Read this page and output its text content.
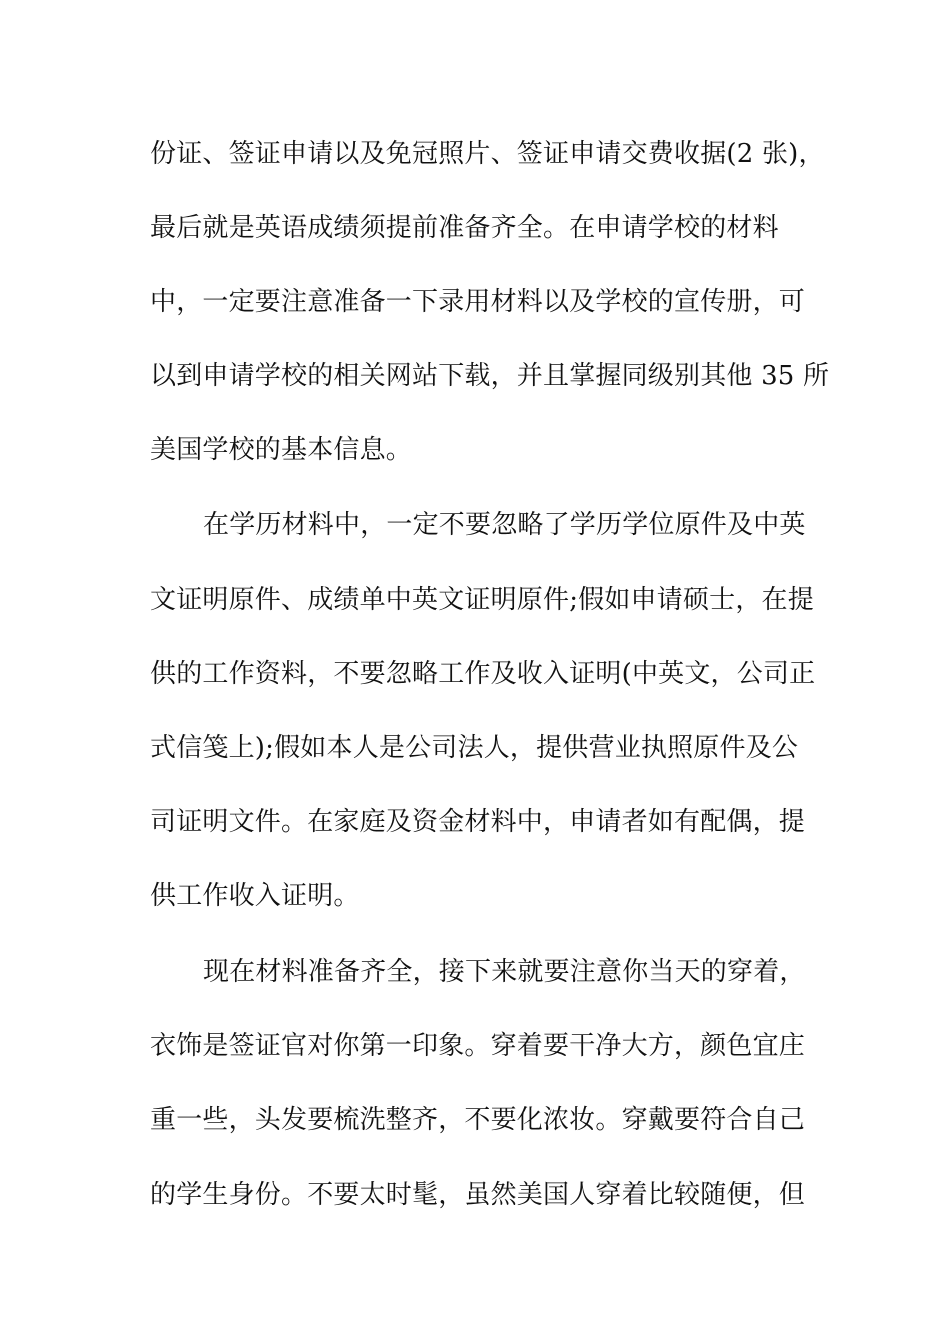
份证、签证申请以及免冠照片、签证申请交费收据(2 张)，
最后就是英语成绩须提前准备齐全。在申请学校的材料
中，一定要注意准备一下录用材料以及学校的宣传册，可
以到申请学校的相关网站下载，并且掌握同级别其他 35 所
美国学校的基本信息。
在学历材料中，一定不要忽略了学历学位原件及中英
文证明原件、成绩单中英文证明原件;假如申请硕士，在提
供的工作资料，不要忽略工作及收入证明(中英文，公司正
式信笺上);假如本人是公司法人，提供营业执照原件及公
司证明文件。在家庭及资金材料中，申请者如有配偶，提
供工作收入证明。
现在材料准备齐全，接下来就要注意你当天的穿着，
衣饰是签证官对你第一印象。穿着要干净大方，颜色宜庄
重一些，头发要梳洗整齐，不要化浓妆。穿戴要符合自己
的学生身份。不要太时髦，虽然美国人穿着比较随便，但
